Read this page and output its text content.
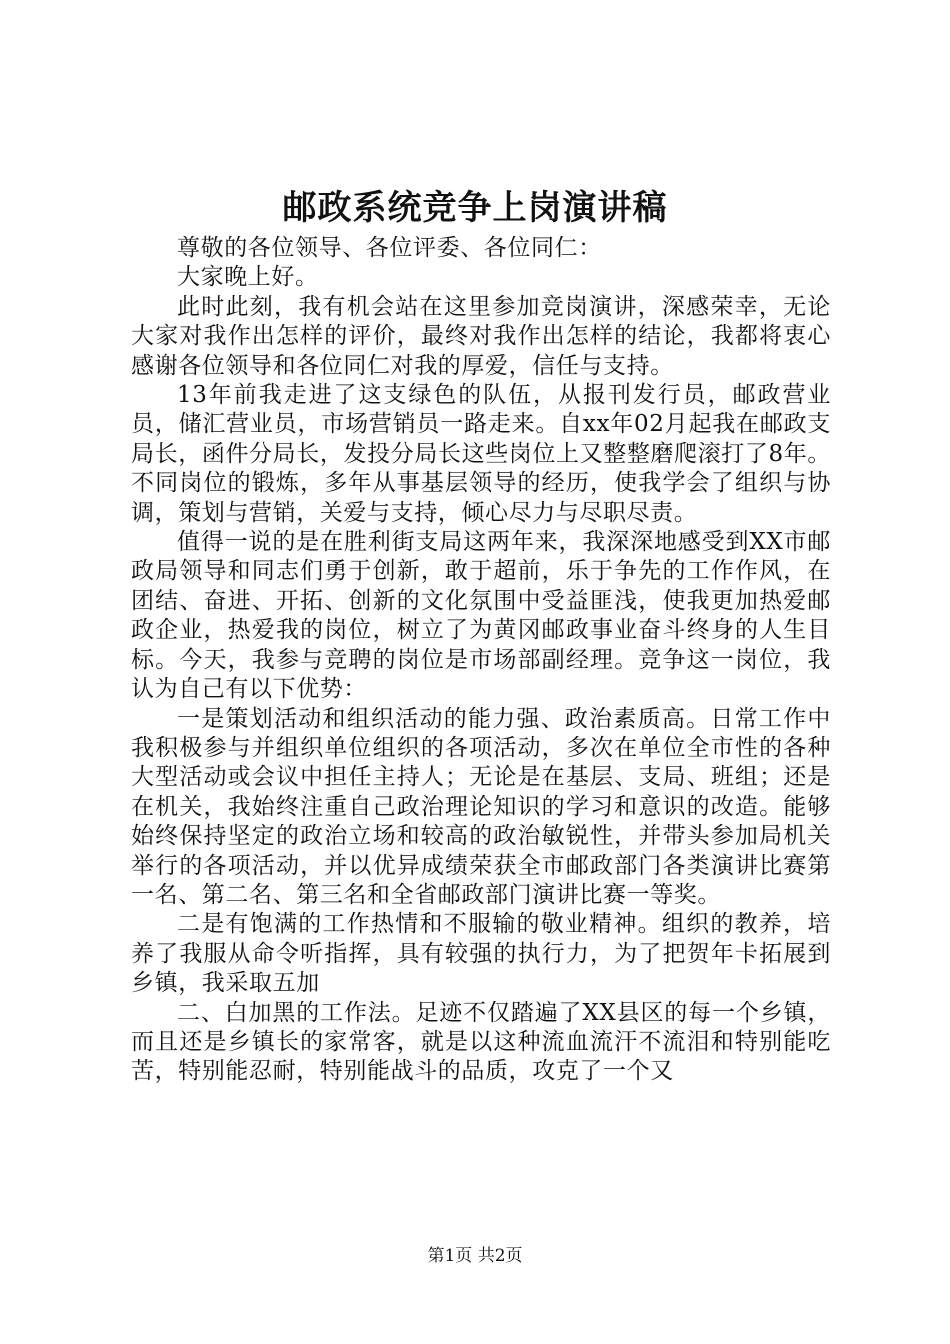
邮政系统竞争上岗演讲稿

尊敬的各位领导、各位评委、各位同仁：

大家晚上好。

此时此刻，我有机会站在这里参加竞岗演讲，深感荣幸，无论大家对我作出怎样的评价，最终对我作出怎样的结论，我都将衷心感谢各位领导和各位同仁对我的厚爱，信任与支持。

13年前我走进了这支绿色的队伍，从报刊发行员，邮政营业员，储汇营业员，市场营销员一路走来。自xx年02月起我在邮政支局长，函件分局长，发投分局长这些岗位上又整整磨爬滚打了8年。不同岗位的锻炼，多年从事基层领导的经历，使我学会了组织与协调，策划与营销，关爱与支持，倾心尽力与尽职尽责。

值得一说的是在胜利街支局这两年来，我深深地感受到XX市邮政局领导和同志们勇于创新，敢于超前，乐于争先的工作作风，在团结、奋进、开拓、创新的文化氛围中受益匪浅，使我更加热爱邮政企业，热爱我的岗位，树立了为黄冈邮政事业奋斗终身的人生目标。今天，我参与竞聘的岗位是市场部副经理。竞争这一岗位，我认为自己有以下优势：

一是策划活动和组织活动的能力强、政治素质高。日常工作中我积极参与并组织单位组织的各项活动，多次在单位全市性的各种大型活动或会议中担任主持人；无论是在基层、支局、班组；还是在机关，我始终注重自己政治理论知识的学习和意识的改造。能够始终保持坚定的政治立场和较高的政治敏锐性，并带头参加局机关举行的各项活动，并以优异成绩荣获全市邮政部门各类演讲比赛第一名、第二名、第三名和全省邮政部门演讲比赛一等奖。

二是有饱满的工作热情和不服输的敬业精神。组织的教养，培养了我服从命令听指挥，具有较强的执行力，为了把贺年卡拓展到乡镇，我采取五加

二、白加黑的工作法。足迹不仅踏遍了XX县区的每一个乡镇，而且还是乡镇长的家常客，就是以这种流血流汗不流泪和特别能吃苦，特别能忍耐，特别能战斗的品质，攻克了一个又

第1页 共2页
